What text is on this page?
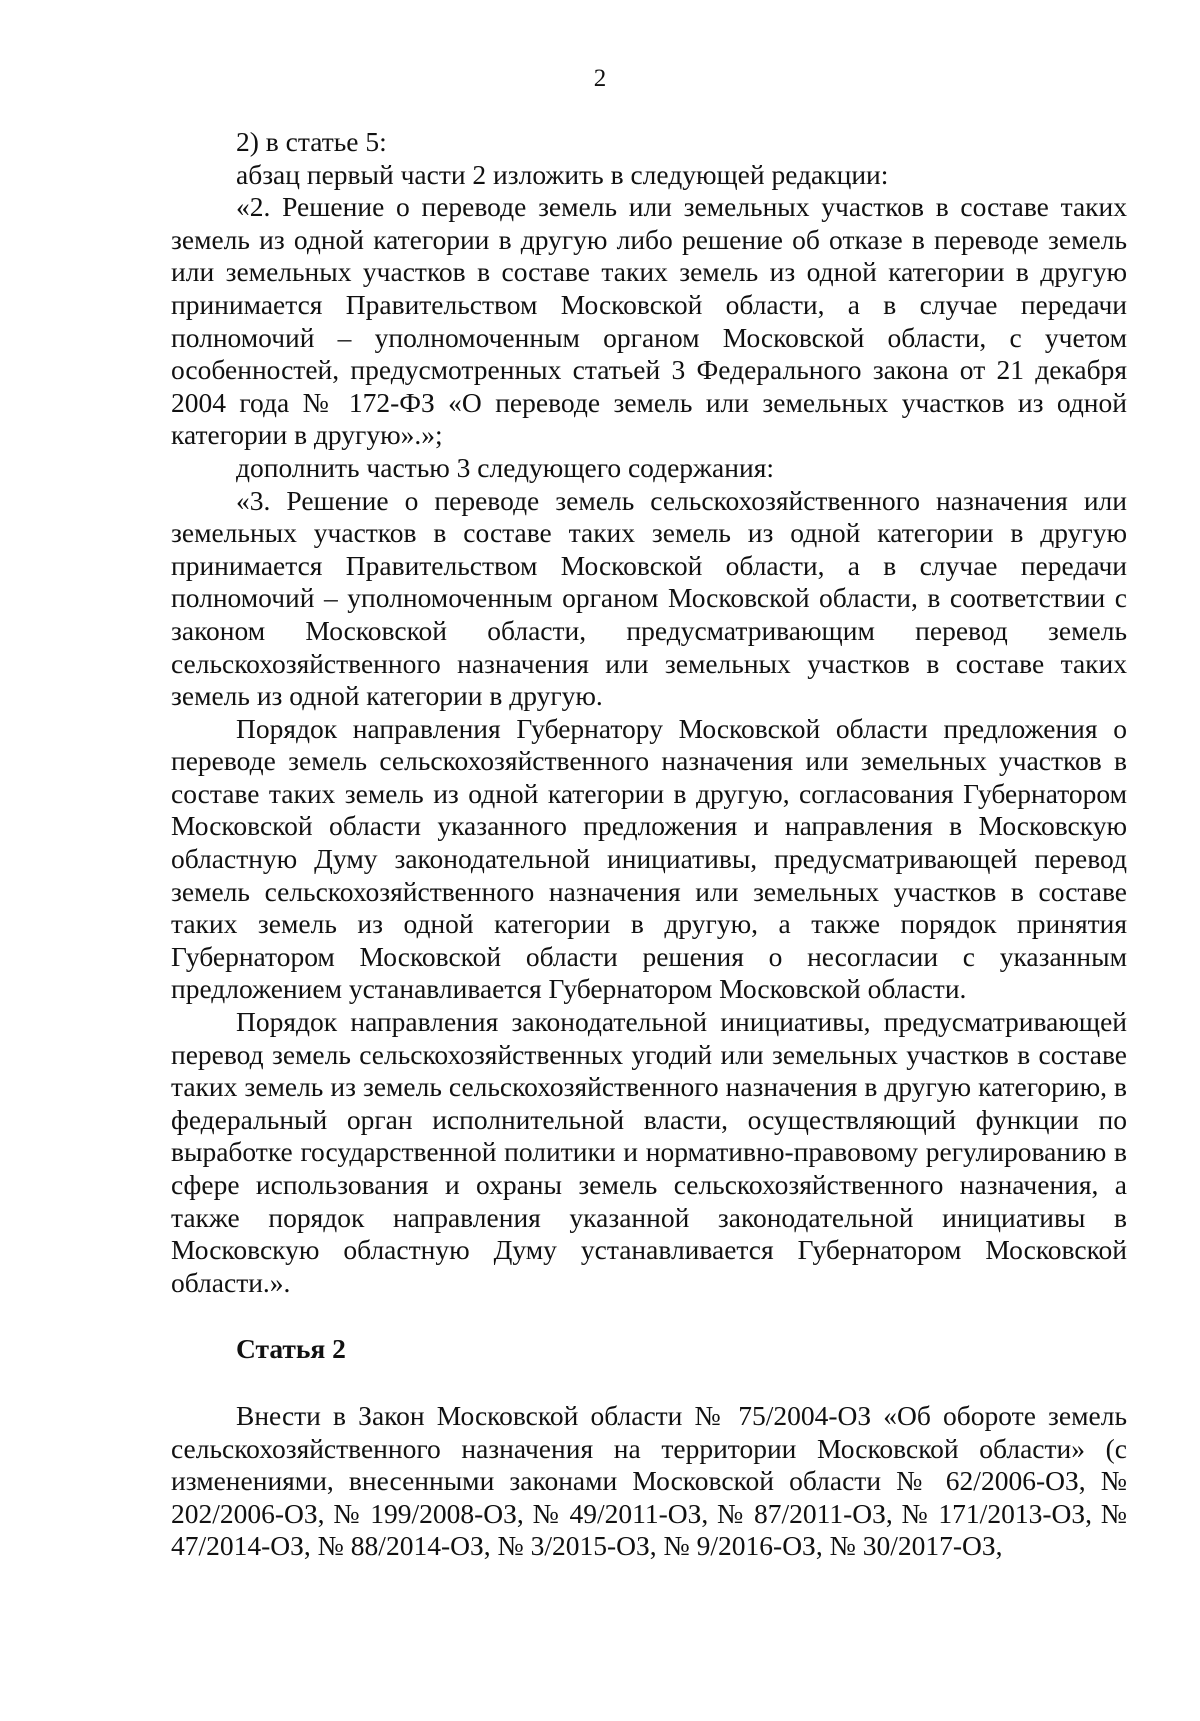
2

2) в статье 5:

абзац первый части 2 изложить в следующей редакции:

«2. Решение о переводе земель или земельных участков в составе таких земель из одной категории в другую либо решение об отказе в переводе земель или земельных участков в составе таких земель из одной категории в другую принимается Правительством Московской области, а в случае передачи полномочий – уполномоченным органом Московской области, с учетом особенностей, предусмотренных статьей 3 Федерального закона от 21 декабря 2004 года № 172-ФЗ «О переводе земель или земельных участков из одной категории в другую».»;

дополнить частью 3 следующего содержания:

«3. Решение о переводе земель сельскохозяйственного назначения или земельных участков в составе таких земель из одной категории в другую принимается Правительством Московской области, а в случае передачи полномочий – уполномоченным органом Московской области, в соответствии с законом Московской области, предусматривающим перевод земель сельскохозяйственного назначения или земельных участков в составе таких земель из одной категории в другую.

Порядок направления Губернатору Московской области предложения о переводе земель сельскохозяйственного назначения или земельных участков в составе таких земель из одной категории в другую, согласования Губернатором Московской области указанного предложения и направления в Московскую областную Думу законодательной инициативы, предусматривающей перевод земель сельскохозяйственного назначения или земельных участков в составе таких земель из одной категории в другую, а также порядок принятия Губернатором Московской области решения о несогласии с указанным предложением устанавливается Губернатором Московской области.

Порядок направления законодательной инициативы, предусматривающей перевод земель сельскохозяйственных угодий или земельных участков в составе таких земель из земель сельскохозяйственного назначения в другую категорию, в федеральный орган исполнительной власти, осуществляющий функции по выработке государственной политики и нормативно-правовому регулированию в сфере использования и охраны земель сельскохозяйственного назначения, а также порядок направления указанной законодательной инициативы в Московскую областную Думу устанавливается Губернатором Московской области.».

Статья 2

Внести в Закон Московской области № 75/2004-ОЗ «Об обороте земель сельскохозяйственного назначения на территории Московской области» (с изменениями, внесенными законами Московской области № 62/2006-ОЗ, № 202/2006-ОЗ, № 199/2008-ОЗ, № 49/2011-ОЗ, № 87/2011-ОЗ, № 171/2013-ОЗ, № 47/2014-ОЗ, № 88/2014-ОЗ, № 3/2015-ОЗ, № 9/2016-ОЗ, № 30/2017-ОЗ,
